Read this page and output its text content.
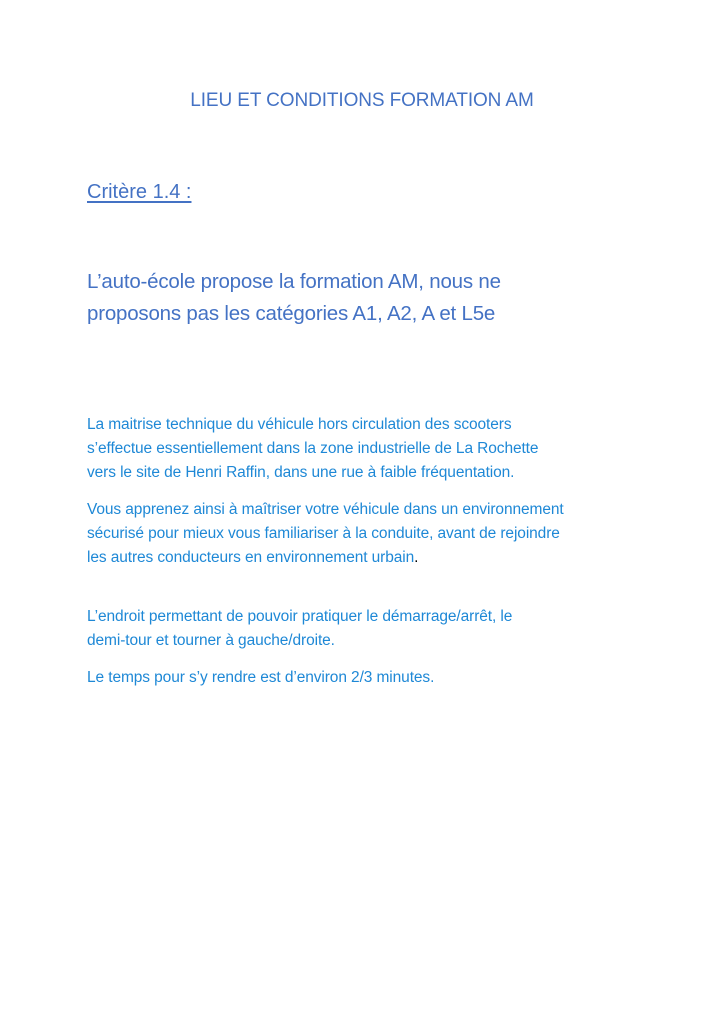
LIEU ET CONDITIONS FORMATION AM
Critère 1.4 :

L’auto-école propose la formation AM, nous ne
proposons pas les catégories A1, A2, A et L5e

La maitrise technique du véhicule hors circulation des scooters
s’effectue essentiellement dans la zone industrielle de La Rochette
vers le site de Henri Raffin, dans une rue à faible fréquentation.

Vous apprenez ainsi à maîtriser votre véhicule dans un environnement
sécurisé pour mieux vous familiariser à la conduite, avant de rejoindre
les autres conducteurs en environnement urbain.

L’endroit permettant de pouvoir pratiquer le démarrage/arrêt, le
demi-tour et tourner à gauche/droite.

Le temps pour s’y rendre est d’environ 2/3 minutes.
